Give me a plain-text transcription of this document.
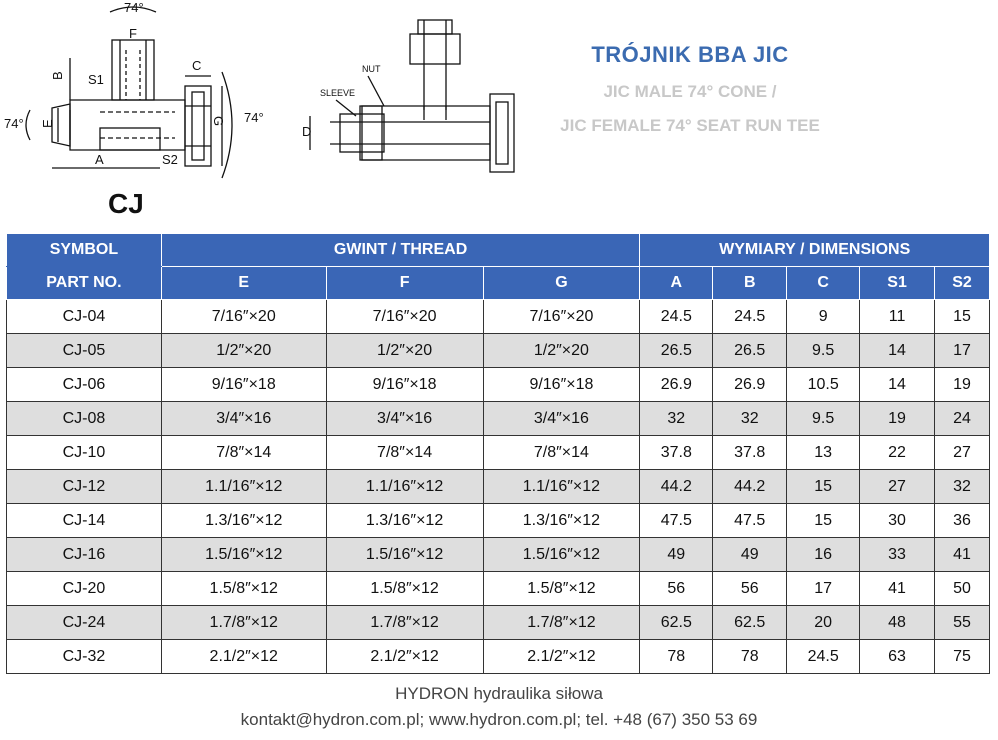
74°
74°	74°
F
B S1
E
A
C
G
S2
NUT
SLEEVE
D
CJ
TRÓJNIK BBA JIC
JIC MALE 74° CONE /
JIC FEMALE 74° SEAT RUN TEE
SYMBOL	GWINT / THREAD			WYMIARY / DIMENSIONS				
PART NO.	E	F	G	A	B	C	S1	S2
CJ-04	7/16″×20	7/16″×20	7/16″×20	24.5	24.5	9	11	15
CJ-05	1/2″×20	1/2″×20	1/2″×20	26.5	26.5	9.5	14	17
CJ-06	9/16″×18	9/16″×18	9/16″×18	26.9	26.9	10.5	14	19
CJ-08	3/4″×16	3/4″×16	3/4″×16	32	32	9.5	19	24
CJ-10	7/8″×14	7/8″×14	7/8″×14	37.8	37.8	13	22	27
CJ-12	1.1/16″×12	1.1/16″×12	1.1/16″×12	44.2	44.2	15	27	32
CJ-14	1.3/16″×12	1.3/16″×12	1.3/16″×12	47.5	47.5	15	30	36
CJ-16	1.5/16″×12	1.5/16″×12	1.5/16″×12	49	49	16	33	41
CJ-20	1.5/8″×12	1.5/8″×12	1.5/8″×12	56	56	17	41	50
CJ-24	1.7/8″×12	1.7/8″×12	1.7/8″×12	62.5	62.5	20	48	55
CJ-32	2.1/2″×12	2.1/2″×12	2.1/2″×12	78	78	24.5	63	75
HYDRON hydraulika siłowa
kontakt@hydron.com.pl; www.hydron.com.pl; tel. +48 (67) 350 53 69
